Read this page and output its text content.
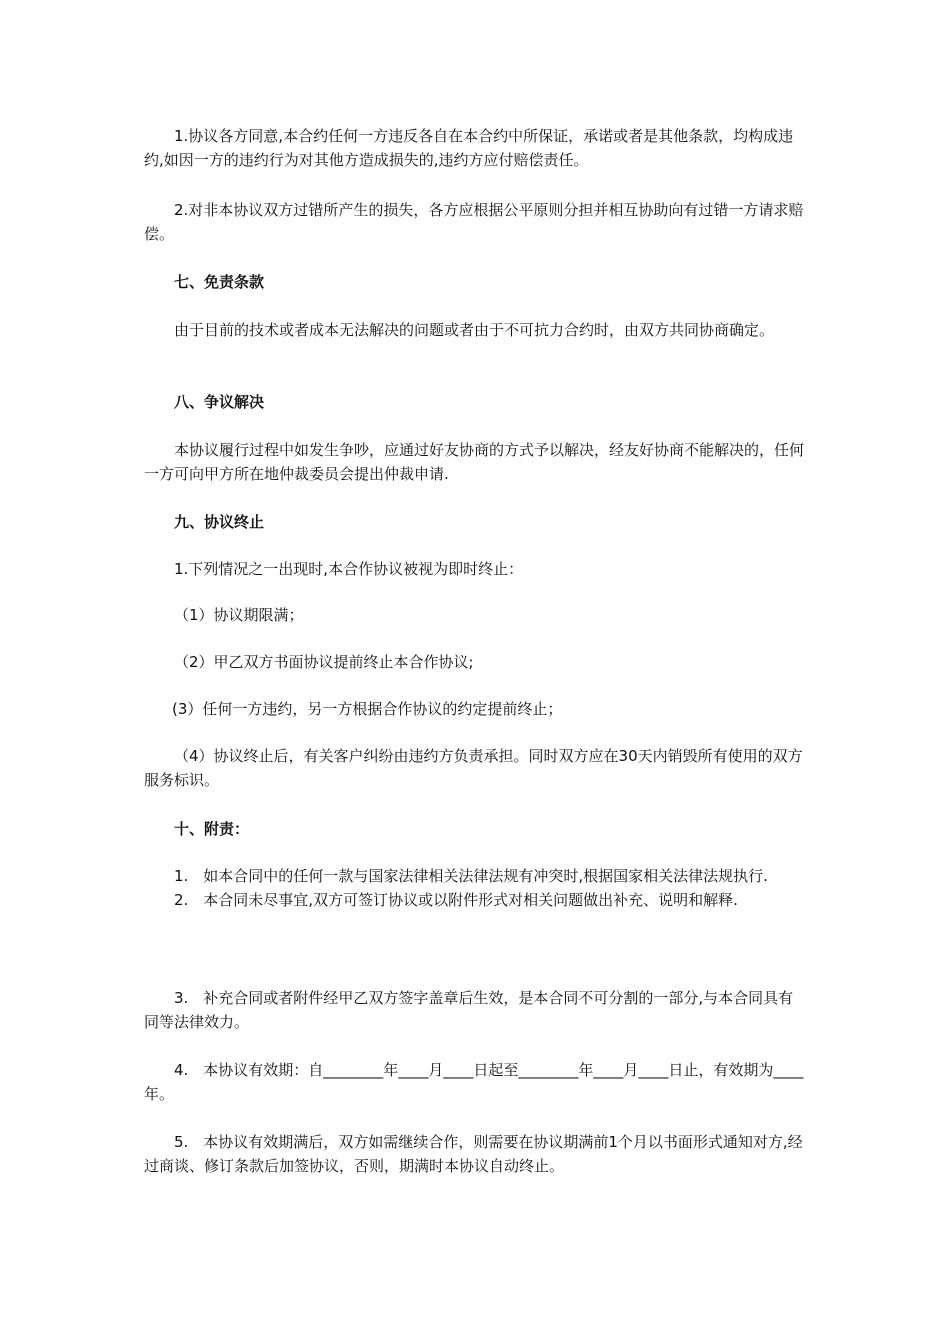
1.协议各方同意,本合约任何一方违反各自在本合约中所保证，承诺或者是其他条款，均构成违约,如因一方的违约行为对其他方造成损失的,违约方应付赔偿责任。

2.对非本协议双方过错所产生的损失，各方应根据公平原则分担并相互协助向有过错一方请求赔偿。

七、免责条款

由于目前的技术或者成本无法解决的问题或者由于不可抗力合约时，由双方共同协商确定。

八、争议解决

本协议履行过程中如发生争吵，应通过好友协商的方式予以解决，经友好协商不能解决的，任何一方可向甲方所在地仲裁委员会提出仲裁申请.

九、协议终止

1.下列情况之一出现时,本合作协议被视为即时终止：

（1）协议期限满；

（2）甲乙双方书面协议提前终止本合作协议;

(3）任何一方违约，另一方根据合作协议的约定提前终止；

（4）协议终止后，有关客户纠纷由违约方负责承担。同时双方应在30天内销毁所有使用的双方服务标识。

十、附责：

1.　如本合同中的任何一款与国家法律相关法律法规有冲突时,根据国家相关法律法规执行.

2.　本合同未尽事宜,双方可签订协议或以附件形式对相关问题做出补充、说明和解释.

3.　补充合同或者附件经甲乙双方签字盖章后生效，是本合同不可分割的一部分,与本合同具有同等法律效力。

4.　本协议有效期：自________年____月____日起至________年____月____日止，有效期为____年。

5.　本协议有效期满后，双方如需继续合作，则需要在协议期满前1个月以书面形式通知对方,经过商谈、修订条款后加签协议，否则，期满时本协议自动终止。
